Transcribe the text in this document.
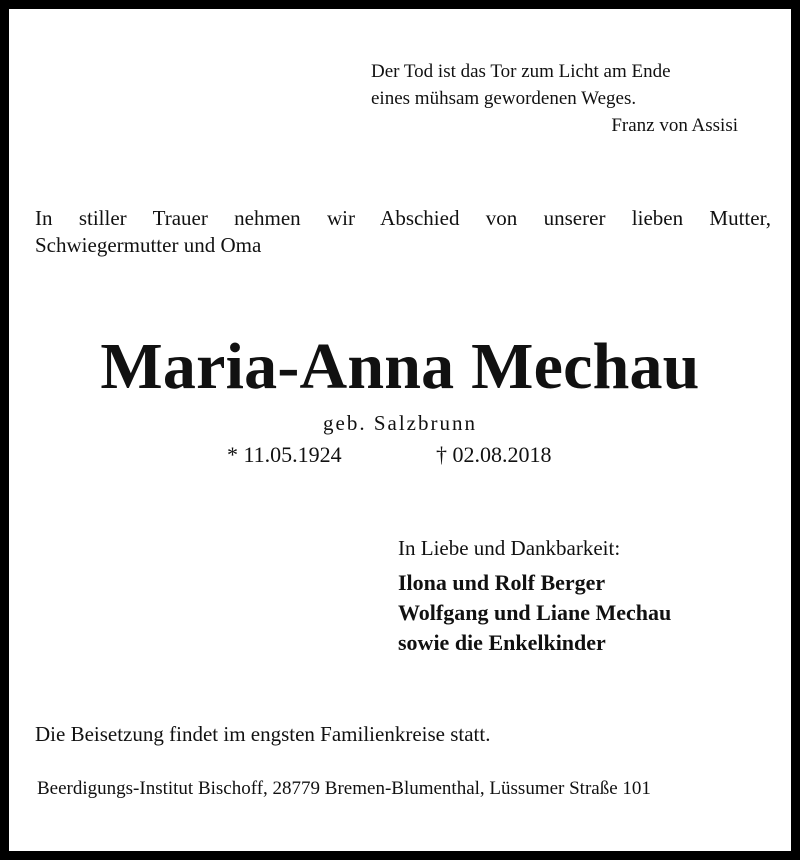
Der Tod ist das Tor zum Licht am Ende
eines mühsam gewordenen Weges.
Franz von Assisi
In stiller Trauer nehmen wir Abschied von unserer lieben Mutter,
Schwiegermutter und Oma
Maria-Anna Mechau
geb. Salzbrunn
* 11.05.1924	† 02.08.2018
In Liebe und Dankbarkeit:
Ilona und Rolf Berger
Wolfgang und Liane Mechau
sowie die Enkelkinder
Die Beisetzung findet im engsten Familienkreise statt.
Beerdigungs-Institut Bischoff, 28779 Bremen-Blumenthal, Lüssumer Straße 101
